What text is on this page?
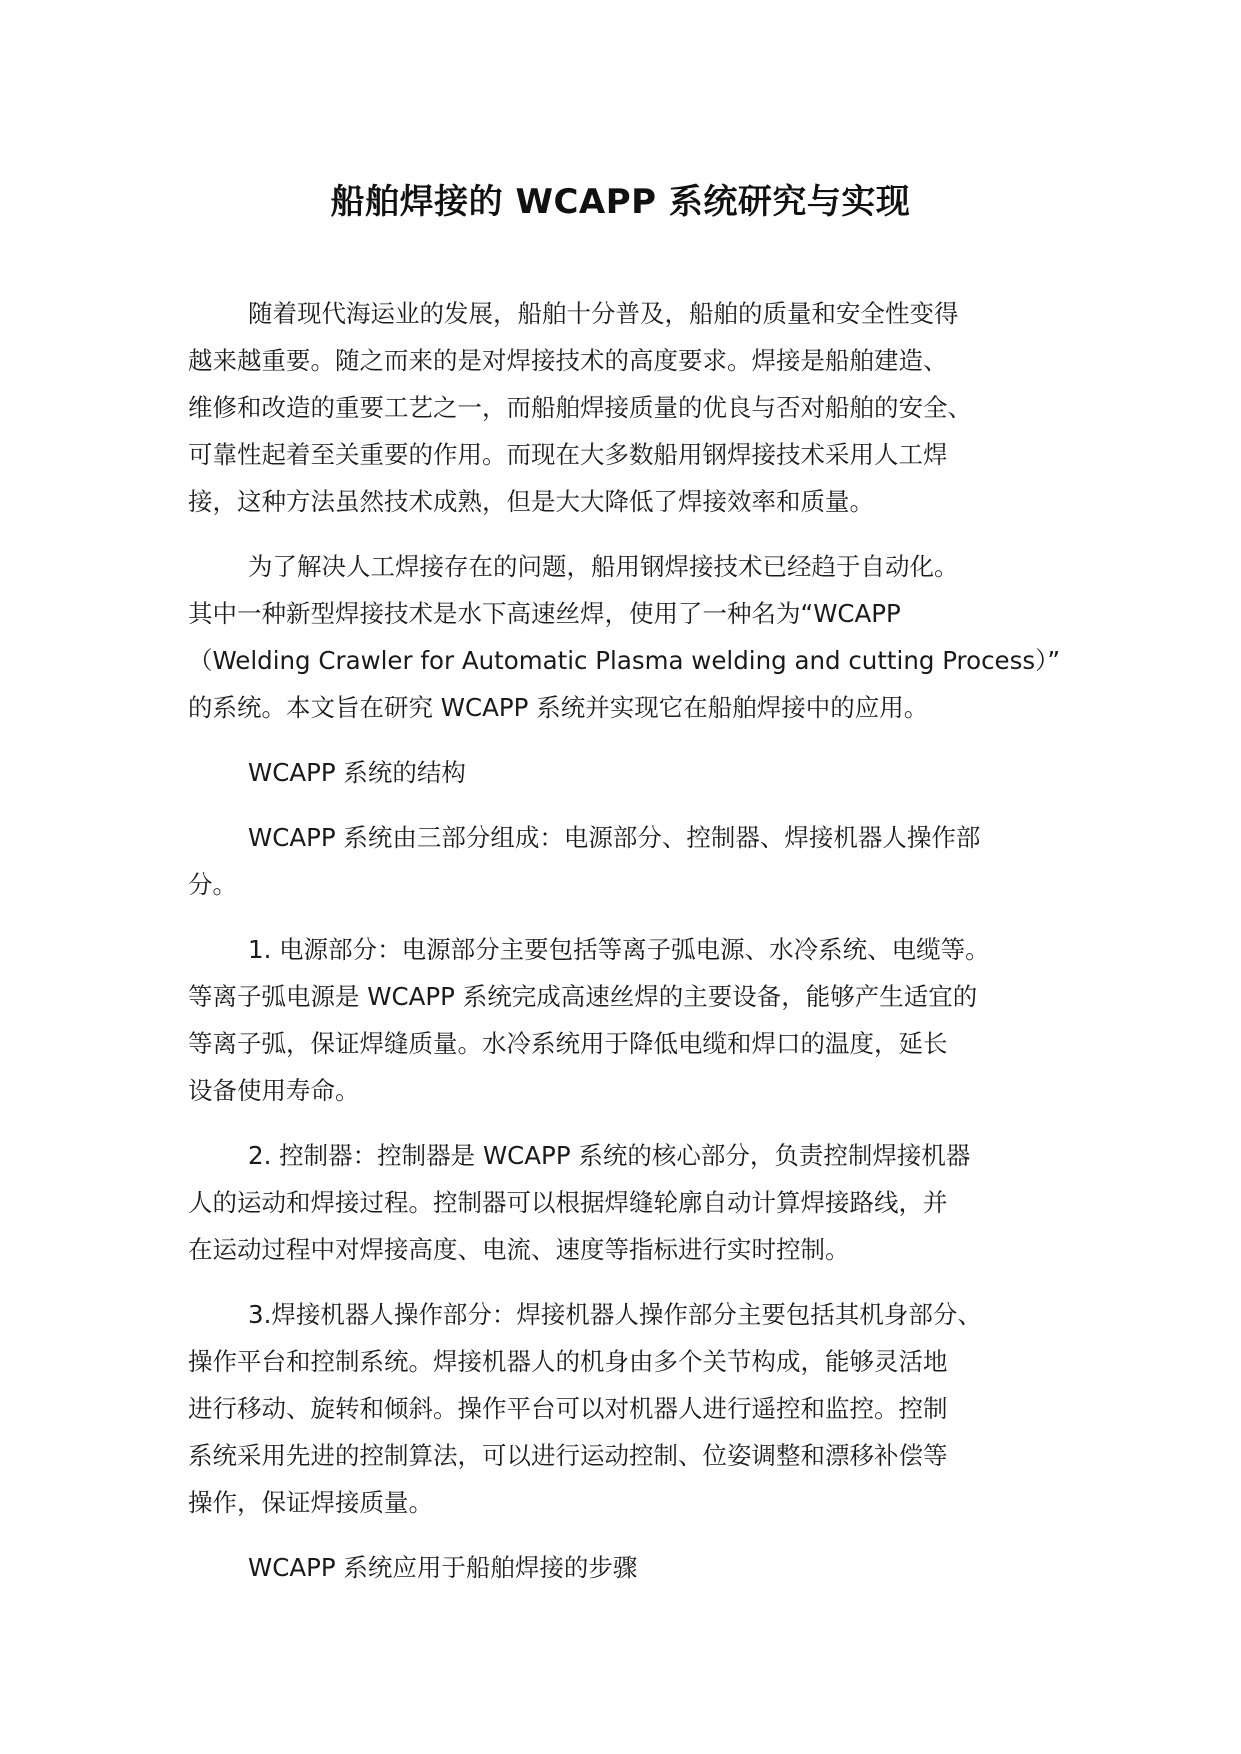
船舶焊接的 WCAPP 系统研究与实现

随着现代海运业的发展，船舶十分普及，船舶的质量和安全性变得
越来越重要。随之而来的是对焊接技术的高度要求。焊接是船舶建造、
维修和改造的重要工艺之一，而船舶焊接质量的优良与否对船舶的安全、
可靠性起着至关重要的作用。而现在大多数船用钢焊接技术采用人工焊
接，这种方法虽然技术成熟，但是大大降低了焊接效率和质量。

为了解决人工焊接存在的问题，船用钢焊接技术已经趋于自动化。
其中一种新型焊接技术是水下高速丝焊，使用了一种名为“WCAPP
（Welding Crawler for Automatic Plasma welding and cutting Process）”
的系统。本文旨在研究 WCAPP 系统并实现它在船舶焊接中的应用。

WCAPP 系统的结构

WCAPP 系统由三部分组成：电源部分、控制器、焊接机器人操作部
分。

1. 电源部分：电源部分主要包括等离子弧电源、水冷系统、电缆等。
等离子弧电源是 WCAPP 系统完成高速丝焊的主要设备，能够产生适宜的
等离子弧，保证焊缝质量。水冷系统用于降低电缆和焊口的温度，延长
设备使用寿命。

2. 控制器：控制器是 WCAPP 系统的核心部分，负责控制焊接机器
人的运动和焊接过程。控制器可以根据焊缝轮廓自动计算焊接路线，并
在运动过程中对焊接高度、电流、速度等指标进行实时控制。

3.焊接机器人操作部分：焊接机器人操作部分主要包括其机身部分、
操作平台和控制系统。焊接机器人的机身由多个关节构成，能够灵活地
进行移动、旋转和倾斜。操作平台可以对机器人进行遥控和监控。控制
系统采用先进的控制算法，可以进行运动控制、位姿调整和漂移补偿等
操作，保证焊接质量。

WCAPP 系统应用于船舶焊接的步骤
